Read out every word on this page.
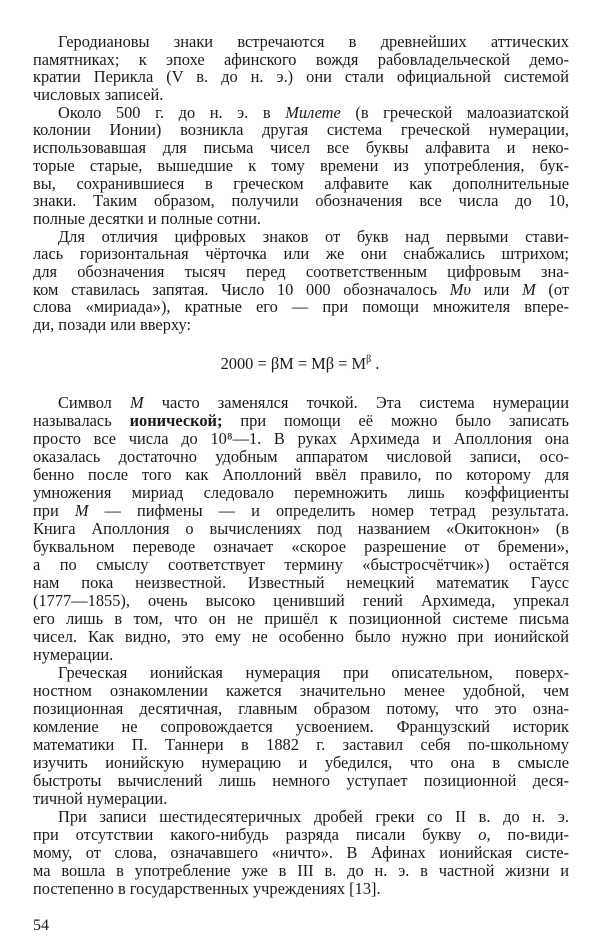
Геродиановы знаки встречаются в древнейших аттических
памятниках; к эпохе афинского вождя рабовладельческой демо-
кратии Перикла (V в. до н. э.) они стали официальной системой
числовых записей.
Около 500 г. до н. э. в Милете (в греческой малоазиатской
колонии Ионии) возникла другая система греческой нумерации,
использовавшая для письма чисел все буквы алфавита и неко-
торые старые, вышедшие к тому времени из употребления, бук-
вы, сохранившиеся в греческом алфавите как дополнительные
знаки. Таким образом, получили обозначения все числа до 10,
полные десятки и полные сотни.
Для отличия цифровых знаков от букв над первыми стави-
лась горизонтальная чёрточка или же они снабжались штрихом;
для обозначения тысяч перед соответственным цифровым зна-
ком ставилась запятая. Число 10 000 обозначалось Mυ или M (от
слова «мириада»), кратные его — при помощи множителя впере-
ди, позади или вверху:
$2000 = \beta M = M\beta = M^\beta$ .
Символ M часто заменялся точкой. Эта система нумерации
называлась ионической; при помощи её можно было записать
просто все числа до 10⁸—1. В руках Архимеда и Аполлония она
оказалась достаточно удобным аппаратом числовой записи, осо-
бенно после того как Аполлоний ввёл правило, по которому для
умножения мириад следовало перемножить лишь коэффициенты
при M — пифмены — и определить номер тетрад результата.
Книга Аполлония о вычислениях под названием «Окитокнон» (в
буквальном переводе означает «скорое разрешение от бремени»,
а по смыслу соответствует термину «быстросчётчик») остаётся
нам пока неизвестной. Известный немецкий математик Гаусс
(1777—1855), очень высоко ценивший гений Архимеда, упрекал
его лишь в том, что он не пришёл к позиционной системе письма
чисел. Как видно, это ему не особенно было нужно при ионийской
нумерации.
Греческая ионийская нумерация при описательном, поверх-
ностном ознакомлении кажется значительно менее удобной, чем
позиционная десятичная, главным образом потому, что это озна-
комление не сопровождается усвоением. Французский историк
математики П. Таннери в 1882 г. заставил себя по-школьному
изучить ионийскую нумерацию и убедился, что она в смысле
быстроты вычислений лишь немного уступает позиционной деся-
тичной нумерации.
При записи шестидесятеричных дробей греки со II в. до н. э.
при отсутствии какого-нибудь разряда писали букву o, по-види-
мому, от слова, означавшего «ничто». В Афинах ионийская систе-
ма вошла в употребление уже в III в. до н. э. в частной жизни и
постепенно в государственных учреждениях [13].
54
